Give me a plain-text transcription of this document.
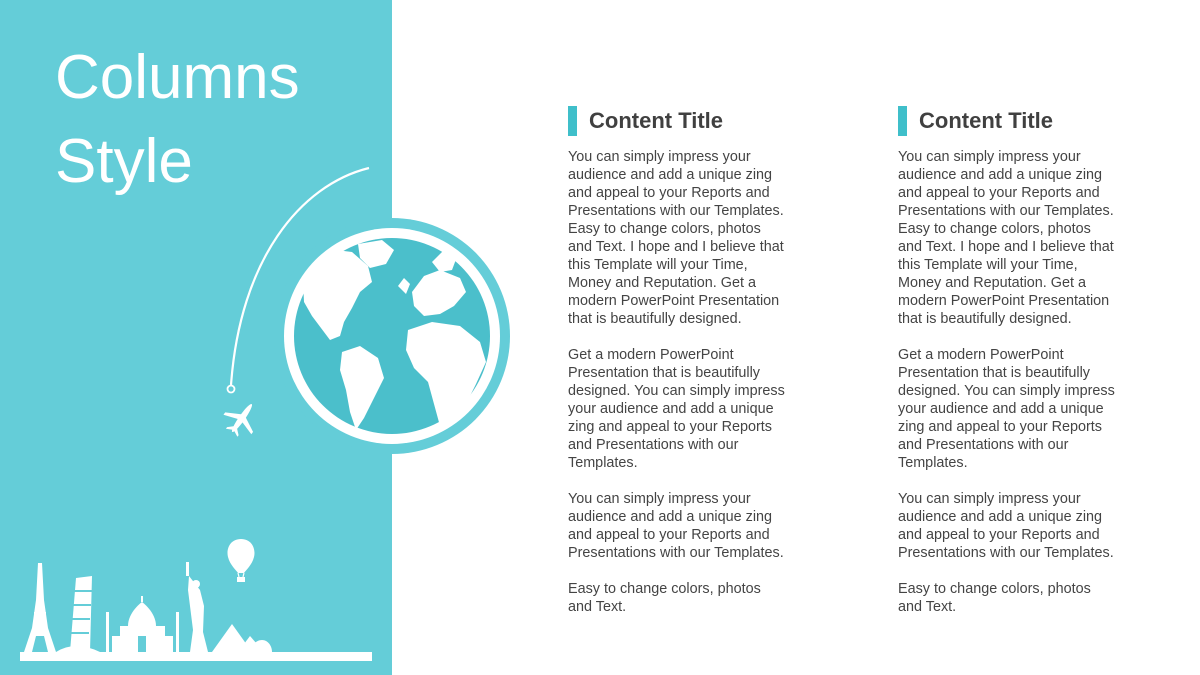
Columns
Style
Content Title

You can simply impress your
audience and add a unique zing
and appeal to your Reports and
Presentations with our Templates.
Easy to change colors, photos
and Text. I hope and I believe that
this Template will your Time,
Money and Reputation. Get a
modern PowerPoint Presentation
that is beautifully designed.

Get a modern PowerPoint
Presentation that is beautifully
designed. You can simply impress
your audience and add a unique
zing and appeal to your Reports
and Presentations with our
Templates.

You can simply impress your
audience and add a unique zing
and appeal to your Reports and
Presentations with our Templates.

Easy to change colors, photos
and Text.

Content Title

You can simply impress your
audience and add a unique zing
and appeal to your Reports and
Presentations with our Templates.
Easy to change colors, photos
and Text. I hope and I believe that
this Template will your Time,
Money and Reputation. Get a
modern PowerPoint Presentation
that is beautifully designed.

Get a modern PowerPoint
Presentation that is beautifully
designed. You can simply impress
your audience and add a unique
zing and appeal to your Reports
and Presentations with our
Templates.

You can simply impress your
audience and add a unique zing
and appeal to your Reports and
Presentations with our Templates.

Easy to change colors, photos
and Text.
